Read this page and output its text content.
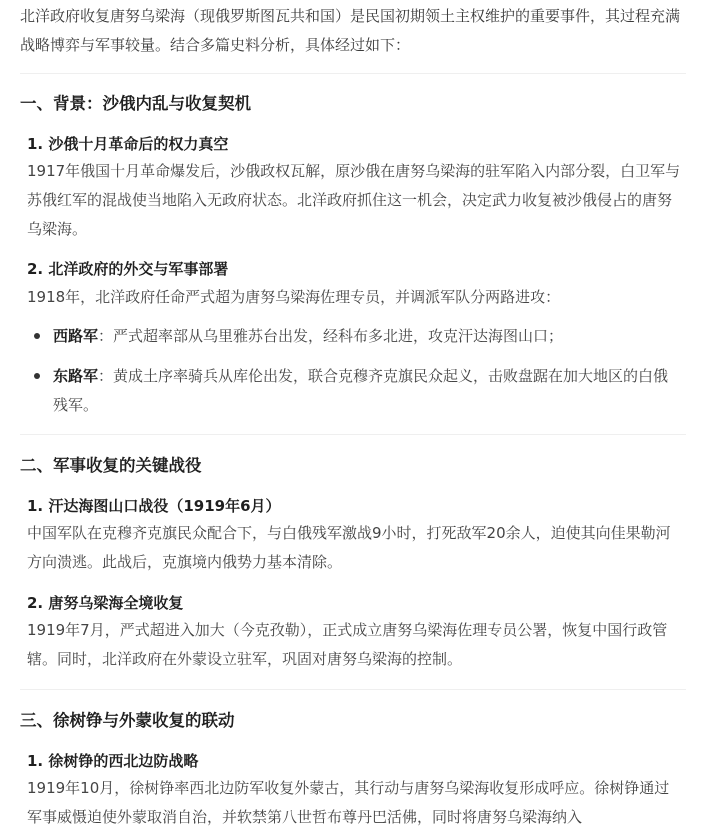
北洋政府收复唐努乌梁海（现俄罗斯图瓦共和国）是民国初期领土主权维护的重要事件，其过程充满战略博弈与军事较量。结合多篇史料分析，具体经过如下：

一、背景：沙俄内乱与收复契机
1. 沙俄十月革命后的权力真空

1917年俄国十月革命爆发后，沙俄政权瓦解，原沙俄在唐努乌梁海的驻军陷入内部分裂，白卫军与苏俄红军的混战使当地陷入无政府状态。北洋政府抓住这一机会，决定武力收复被沙俄侵占的唐努乌梁海。

2. 北洋政府的外交与军事部署

1918年，北洋政府任命严式超为唐努乌梁海佐理专员，并调派军队分两路进攻：

西路军：严式超率部从乌里雅苏台出发，经科布多北进，攻克汗达海图山口；
东路军：黄成土序率骑兵从库伦出发，联合克穆齐克旗民众起义，击败盘踞在加大地区的白俄残军。
二、军事收复的关键战役
1. 汗达海图山口战役（1919年6月）

中国军队在克穆齐克旗民众配合下，与白俄残军激战9小时，打死敌军20余人，迫使其向佳果勒河方向溃逃。此战后，克旗境内俄势力基本清除。

2. 唐努乌梁海全境收复

1919年7月，严式超进入加大（今克孜勒），正式成立唐努乌梁海佐理专员公署，恢复中国行政管辖。同时，北洋政府在外蒙设立驻军，巩固对唐努乌梁海的控制。

三、徐树铮与外蒙收复的联动
1. 徐树铮的西北边防战略

1919年10月，徐树铮率西北边防军收复外蒙古，其行动与唐努乌梁海收复形成呼应。徐树铮通过军事威慑迫使外蒙取消自治，并软禁第八世哲布尊丹巴活佛，同时将唐努乌梁海纳入
